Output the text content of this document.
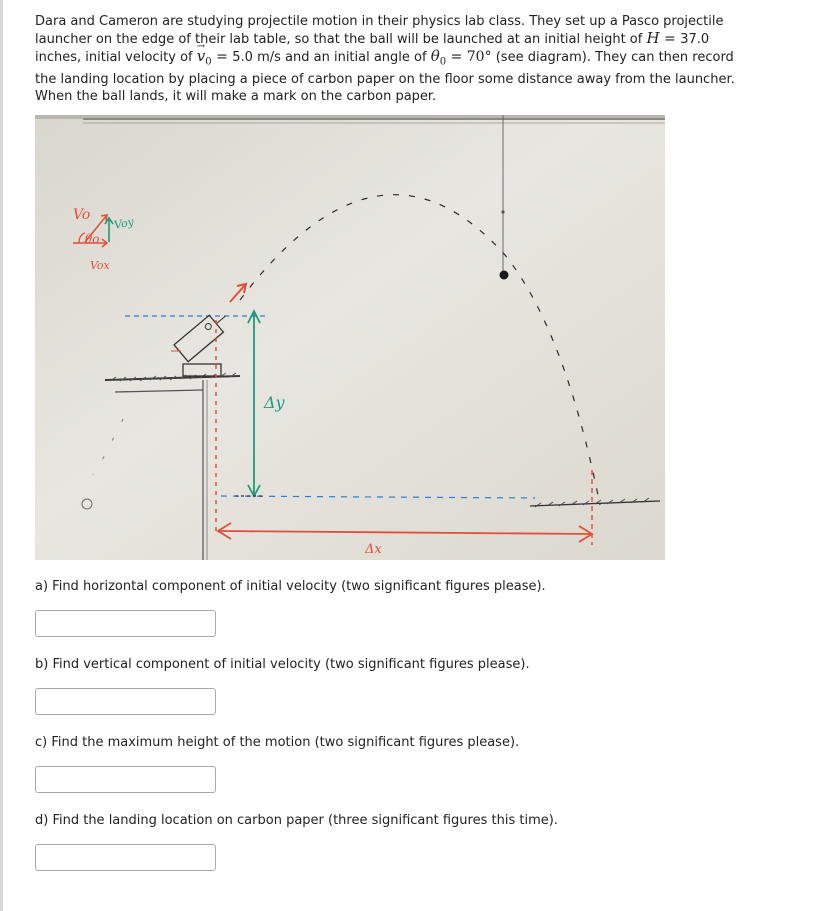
Dara and Cameron are studying projectile motion in their physics lab class. They set up a Pasco projectile launcher on the edge of their lab table, so that the ball will be launched at an initial height of H = 37.0 inches, initial velocity of → $v_0 = 5.0$ m/s and an initial angle of $\theta_0 = 70^\circ$ (see diagram). They can then record the landing location by placing a piece of carbon paper on the floor some distance away from the launcher. When the ball lands, it will make a mark on the carbon paper.
Vo
Voy
θo
Vox
Δy
Δx
a) Find horizontal component of initial velocity (two significant figures please).
b) Find vertical component of initial velocity (two significant figures please).
c) Find the maximum height of the motion (two significant figures please).
d) Find the landing location on carbon paper (three significant figures this time).
